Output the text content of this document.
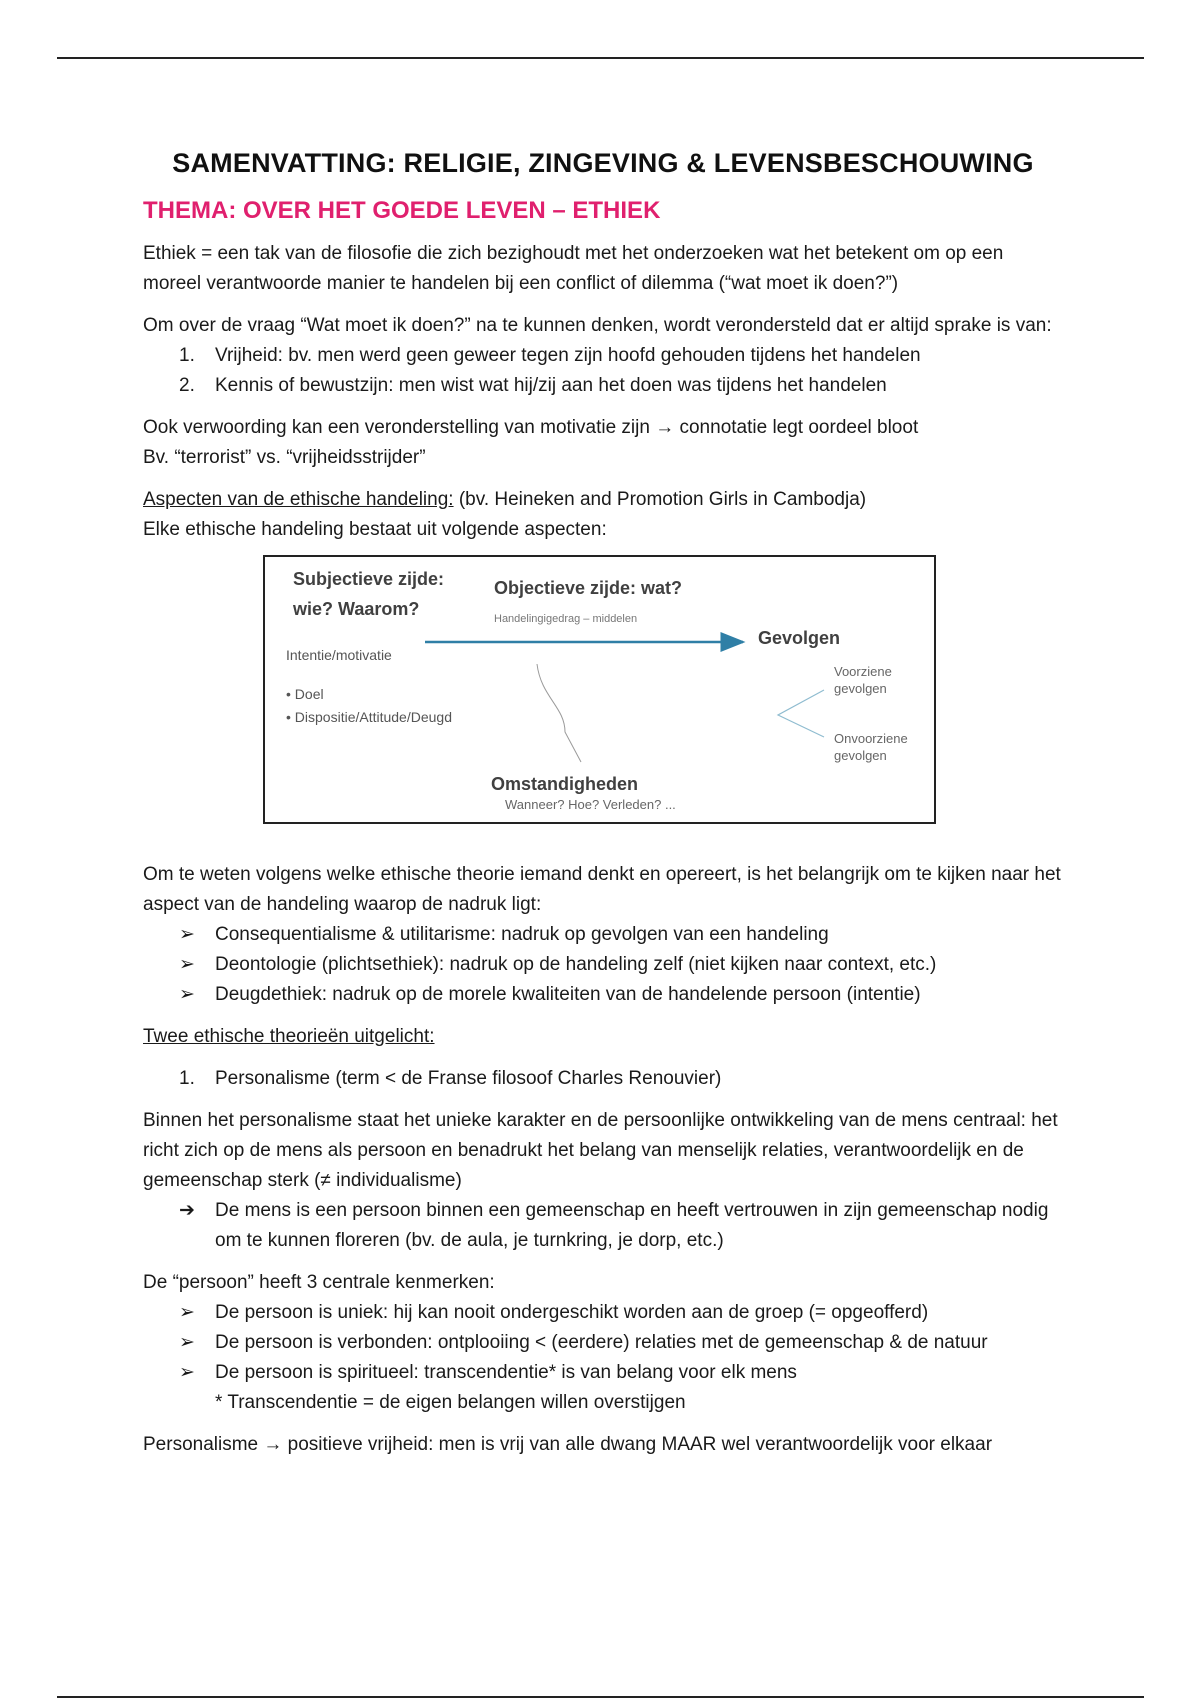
SAMENVATTING: RELIGIE, ZINGEVING & LEVENSBESCHOUWING
THEMA: OVER HET GOEDE LEVEN – ETHIEK

Ethiek = een tak van de filosofie die zich bezighoudt met het onderzoeken wat het betekent om op een moreel verantwoorde manier te handelen bij een conflict of dilemma (“wat moet ik doen?”)

Om over de vraag “Wat moet ik doen?” na te kunnen denken, wordt verondersteld dat er altijd sprake is van:

1.	Vrijheid: bv. men werd geen geweer tegen zijn hoofd gehouden tijdens het handelen
2.	Kennis of bewustzijn: men wist wat hij/zij aan het doen was tijdens het handelen

Ook verwoording kan een veronderstelling van motivatie zijn → connotatie legt oordeel bloot

Bv. “terrorist” vs. “vrijheidsstrijder”

Aspecten van de ethische handeling: (bv. Heineken and Promotion Girls in Cambodja)

Elke ethische handeling bestaat uit volgende aspecten:

Subjectieve zijde:
wie? Waarom?
Intentie/motivatie
• Doel
• Dispositie/Attitude/Deugd
Objectieve zijde: wat?
Handelingigedrag – middelen
Gevolgen
Voorziene
gevolgen
Onvoorziene
gevolgen
Omstandigheden
Wanneer? Hoe? Verleden? ...

Om te weten volgens welke ethische theorie iemand denkt en opereert, is het belangrijk om te kijken naar het aspect van de handeling waarop de nadruk ligt:

➢	Consequentialisme & utilitarisme: nadruk op gevolgen van een handeling
➢	Deontologie (plichtsethiek): nadruk op de handeling zelf (niet kijken naar context, etc.)
➢	Deugdethiek: nadruk op de morele kwaliteiten van de handelende persoon (intentie)

Twee ethische theorieën uitgelicht:

1.	Personalisme (term < de Franse filosoof Charles Renouvier)

Binnen het personalisme staat het unieke karakter en de persoonlijke ontwikkeling van de mens centraal: het richt zich op de mens als persoon en benadrukt het belang van menselijk relaties, verantwoordelijk en de gemeenschap sterk (≠ individualisme)

➔	De mens is een persoon binnen een gemeenschap en heeft vertrouwen in zijn gemeenschap nodig om te kunnen floreren (bv. de aula, je turnkring, je dorp, etc.)

De “persoon” heeft 3 centrale kenmerken:

➢	De persoon is uniek: hij kan nooit ondergeschikt worden aan de groep (= opgeofferd)
➢	De persoon is verbonden: ontplooiing < (eerdere) relaties met de gemeenschap & de natuur
➢	De persoon is spiritueel: transcendentie* is van belang voor elk mens
* Transcendentie = de eigen belangen willen overstijgen

Personalisme → positieve vrijheid: men is vrij van alle dwang MAAR wel verantwoordelijk voor elkaar
